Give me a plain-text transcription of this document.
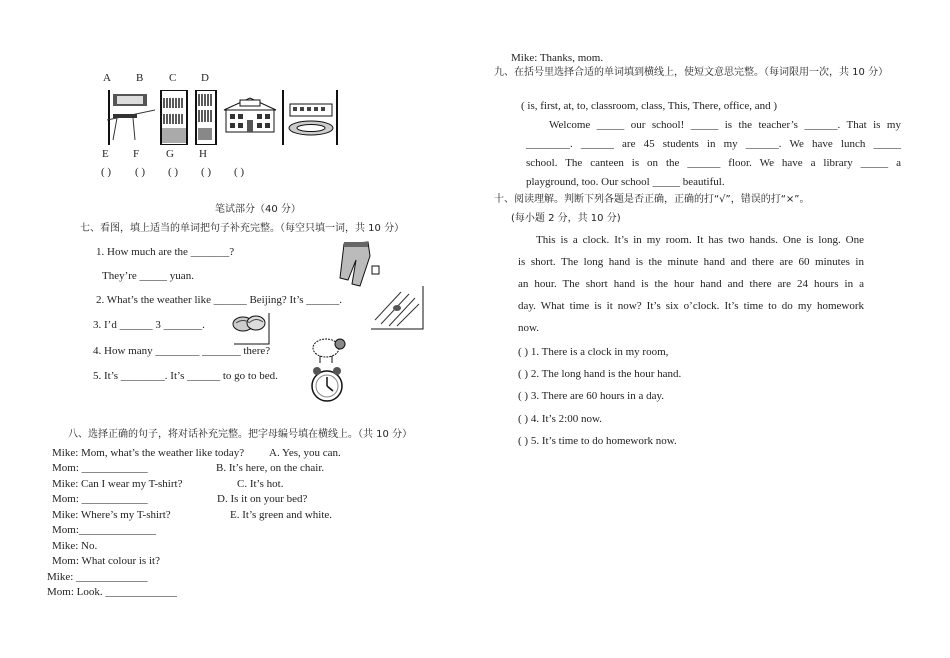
A B C D
E F G H
( ) ( ) ( ) ( ) ( )
笔试部分（40 分）
七、看图，填上适当的单词把句子补充完整。（每空只填一词，共 10 分）
1. How much are the _______?
They’re _____ yuan.
2. What’s the weather like ______ Beijing? It’s ______.
3. I’d ______ 3 _______.
4. How many ________ _______ there?
5. It’s ________. It’s ______ to go to bed.
八、选择正确的句子，将对话补充完整。把字母编号填在横线上。（共 10 分）
Mike: Mom, what’s the weather like today? A. Yes, you can.
Mom: ____________	B. It’s here, on the chair.
Mike: Can I wear my T-shirt?	C. It’s hot.
Mom: ____________	D. Is it on your bed?
Mike: Where’s my T-shirt?	E. It’s green and white.
Mom:______________
Mike: No.
Mom: What colour is it?
Mike: _____________
Mom: Look. _____________
Mike: Thanks, mom.
九、在括号里选择合适的单词填到横线上，使短文意思完整。（每词限用一次，共 10 分）
( is, first, at, to, classroom, class, This, There, office, and )
Welcome _____ our school! _____ is the teacher’s ______. That is my
________. ______ are 45 students in my ______. We have lunch _____
school. The canteen is on the ______ floor. We have a library _____ a
playground, too. Our school _____ beautiful.
十、阅读理解。判断下列各题是否正确，正确的打“√”，错误的打“×”。
(每小题 2 分，共 10 分)
This is a clock. It’s in my room. It has two hands. One is long. One
is short. The long hand is the minute hand and there are 60 minutes in
an hour. The short hand is the hour hand and there are 24 hours in a
day. What time is it now? It’s six o’clock. It’s time to do my homework
now.
( ) 1. There is a clock in my room,
( ) 2. The long hand is the hour hand.
( ) 3. There are 60 hours in a day.
( ) 4. It’s 2:00 now.
( ) 5. It’s time to do homework now.
